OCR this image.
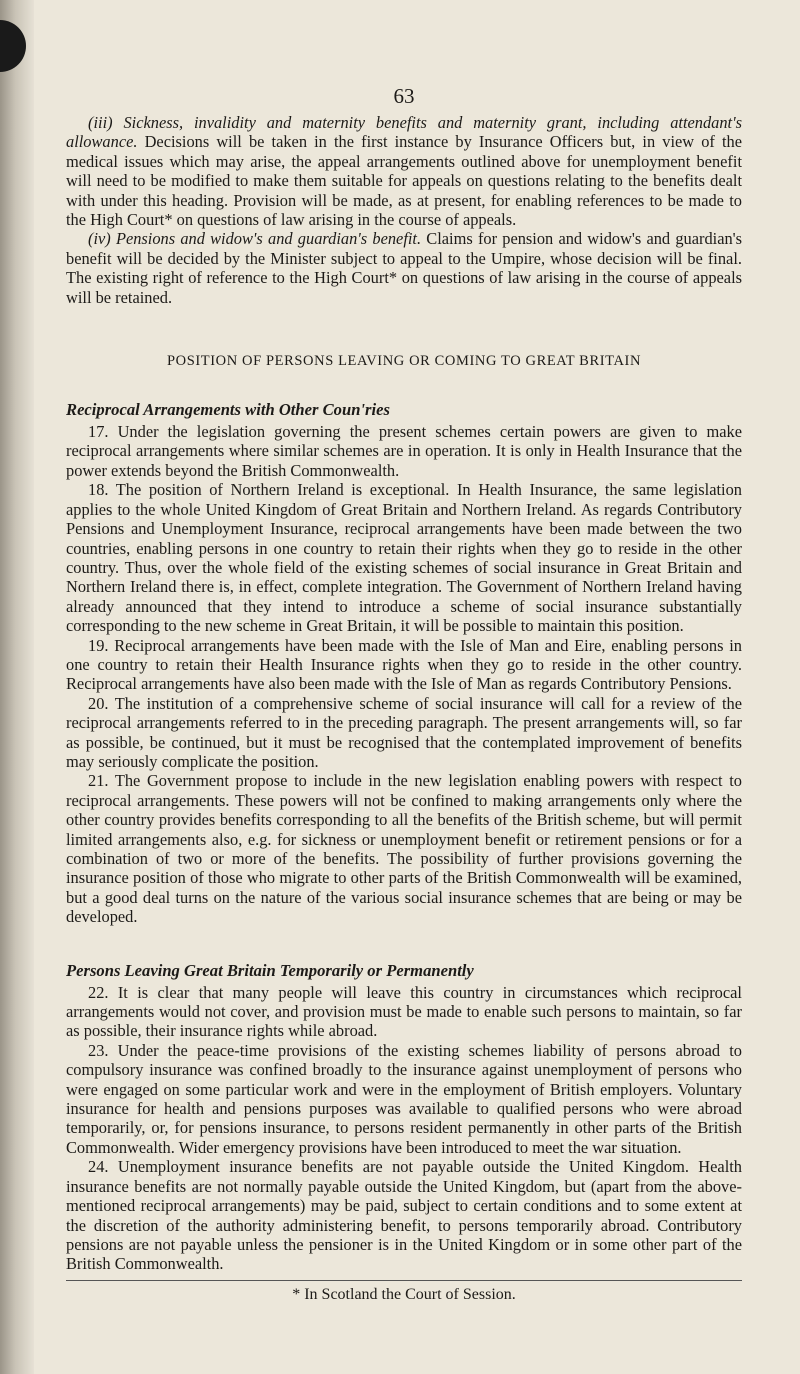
63

(iii) Sickness, invalidity and maternity benefits and maternity grant, including attendant's allowance. Decisions will be taken in the first instance by Insurance Officers but, in view of the medical issues which may arise, the appeal arrangements outlined above for unemployment benefit will need to be modified to make them suitable for appeals on questions relating to the benefits dealt with under this heading. Provision will be made, as at present, for enabling references to be made to the High Court* on questions of law arising in the course of appeals.

(iv) Pensions and widow's and guardian's benefit. Claims for pension and widow's and guardian's benefit will be decided by the Minister subject to appeal to the Umpire, whose decision will be final. The existing right of reference to the High Court* on questions of law arising in the course of appeals will be retained.

POSITION OF PERSONS LEAVING OR COMING TO GREAT BRITAIN
Reciprocal Arrangements with Other Coun'ries

17. Under the legislation governing the present schemes certain powers are given to make reciprocal arrangements where similar schemes are in operation. It is only in Health Insurance that the power extends beyond the British Commonwealth.

18. The position of Northern Ireland is exceptional. In Health Insurance, the same legislation applies to the whole United Kingdom of Great Britain and Northern Ireland. As regards Contributory Pensions and Unemployment Insurance, reciprocal arrangements have been made between the two countries, enabling persons in one country to retain their rights when they go to reside in the other country. Thus, over the whole field of the existing schemes of social insurance in Great Britain and Northern Ireland there is, in effect, complete integration. The Government of Northern Ireland having already announced that they intend to introduce a scheme of social insurance substantially corresponding to the new scheme in Great Britain, it will be possible to maintain this position.

19. Reciprocal arrangements have been made with the Isle of Man and Eire, enabling persons in one country to retain their Health Insurance rights when they go to reside in the other country. Reciprocal arrangements have also been made with the Isle of Man as regards Contributory Pensions.

20. The institution of a comprehensive scheme of social insurance will call for a review of the reciprocal arrangements referred to in the preceding paragraph. The present arrangements will, so far as possible, be continued, but it must be recognised that the contemplated improvement of benefits may seriously complicate the position.

21. The Government propose to include in the new legislation enabling powers with respect to reciprocal arrangements. These powers will not be confined to making arrangements only where the other country provides benefits corresponding to all the benefits of the British scheme, but will permit limited arrangements also, e.g. for sickness or unemployment benefit or retirement pensions or for a combination of two or more of the benefits. The possibility of further provisions governing the insurance position of those who migrate to other parts of the British Commonwealth will be examined, but a good deal turns on the nature of the various social insurance schemes that are being or may be developed.

Persons Leaving Great Britain Temporarily or Permanently

22. It is clear that many people will leave this country in circumstances which reciprocal arrangements would not cover, and provision must be made to enable such persons to maintain, so far as possible, their insurance rights while abroad.

23. Under the peace-time provisions of the existing schemes liability of persons abroad to compulsory insurance was confined broadly to the insurance against unemployment of persons who were engaged on some particular work and were in the employment of British employers. Voluntary insurance for health and pensions purposes was available to qualified persons who were abroad temporarily, or, for pensions insurance, to persons resident permanently in other parts of the British Commonwealth. Wider emergency provisions have been introduced to meet the war situation.

24. Unemployment insurance benefits are not payable outside the United Kingdom. Health insurance benefits are not normally payable outside the United Kingdom, but (apart from the above-mentioned reciprocal arrangements) may be paid, subject to certain conditions and to some extent at the discretion of the authority administering benefit, to persons temporarily abroad. Contributory pensions are not payable unless the pensioner is in the United Kingdom or in some other part of the British Commonwealth.

* In Scotland the Court of Session.
